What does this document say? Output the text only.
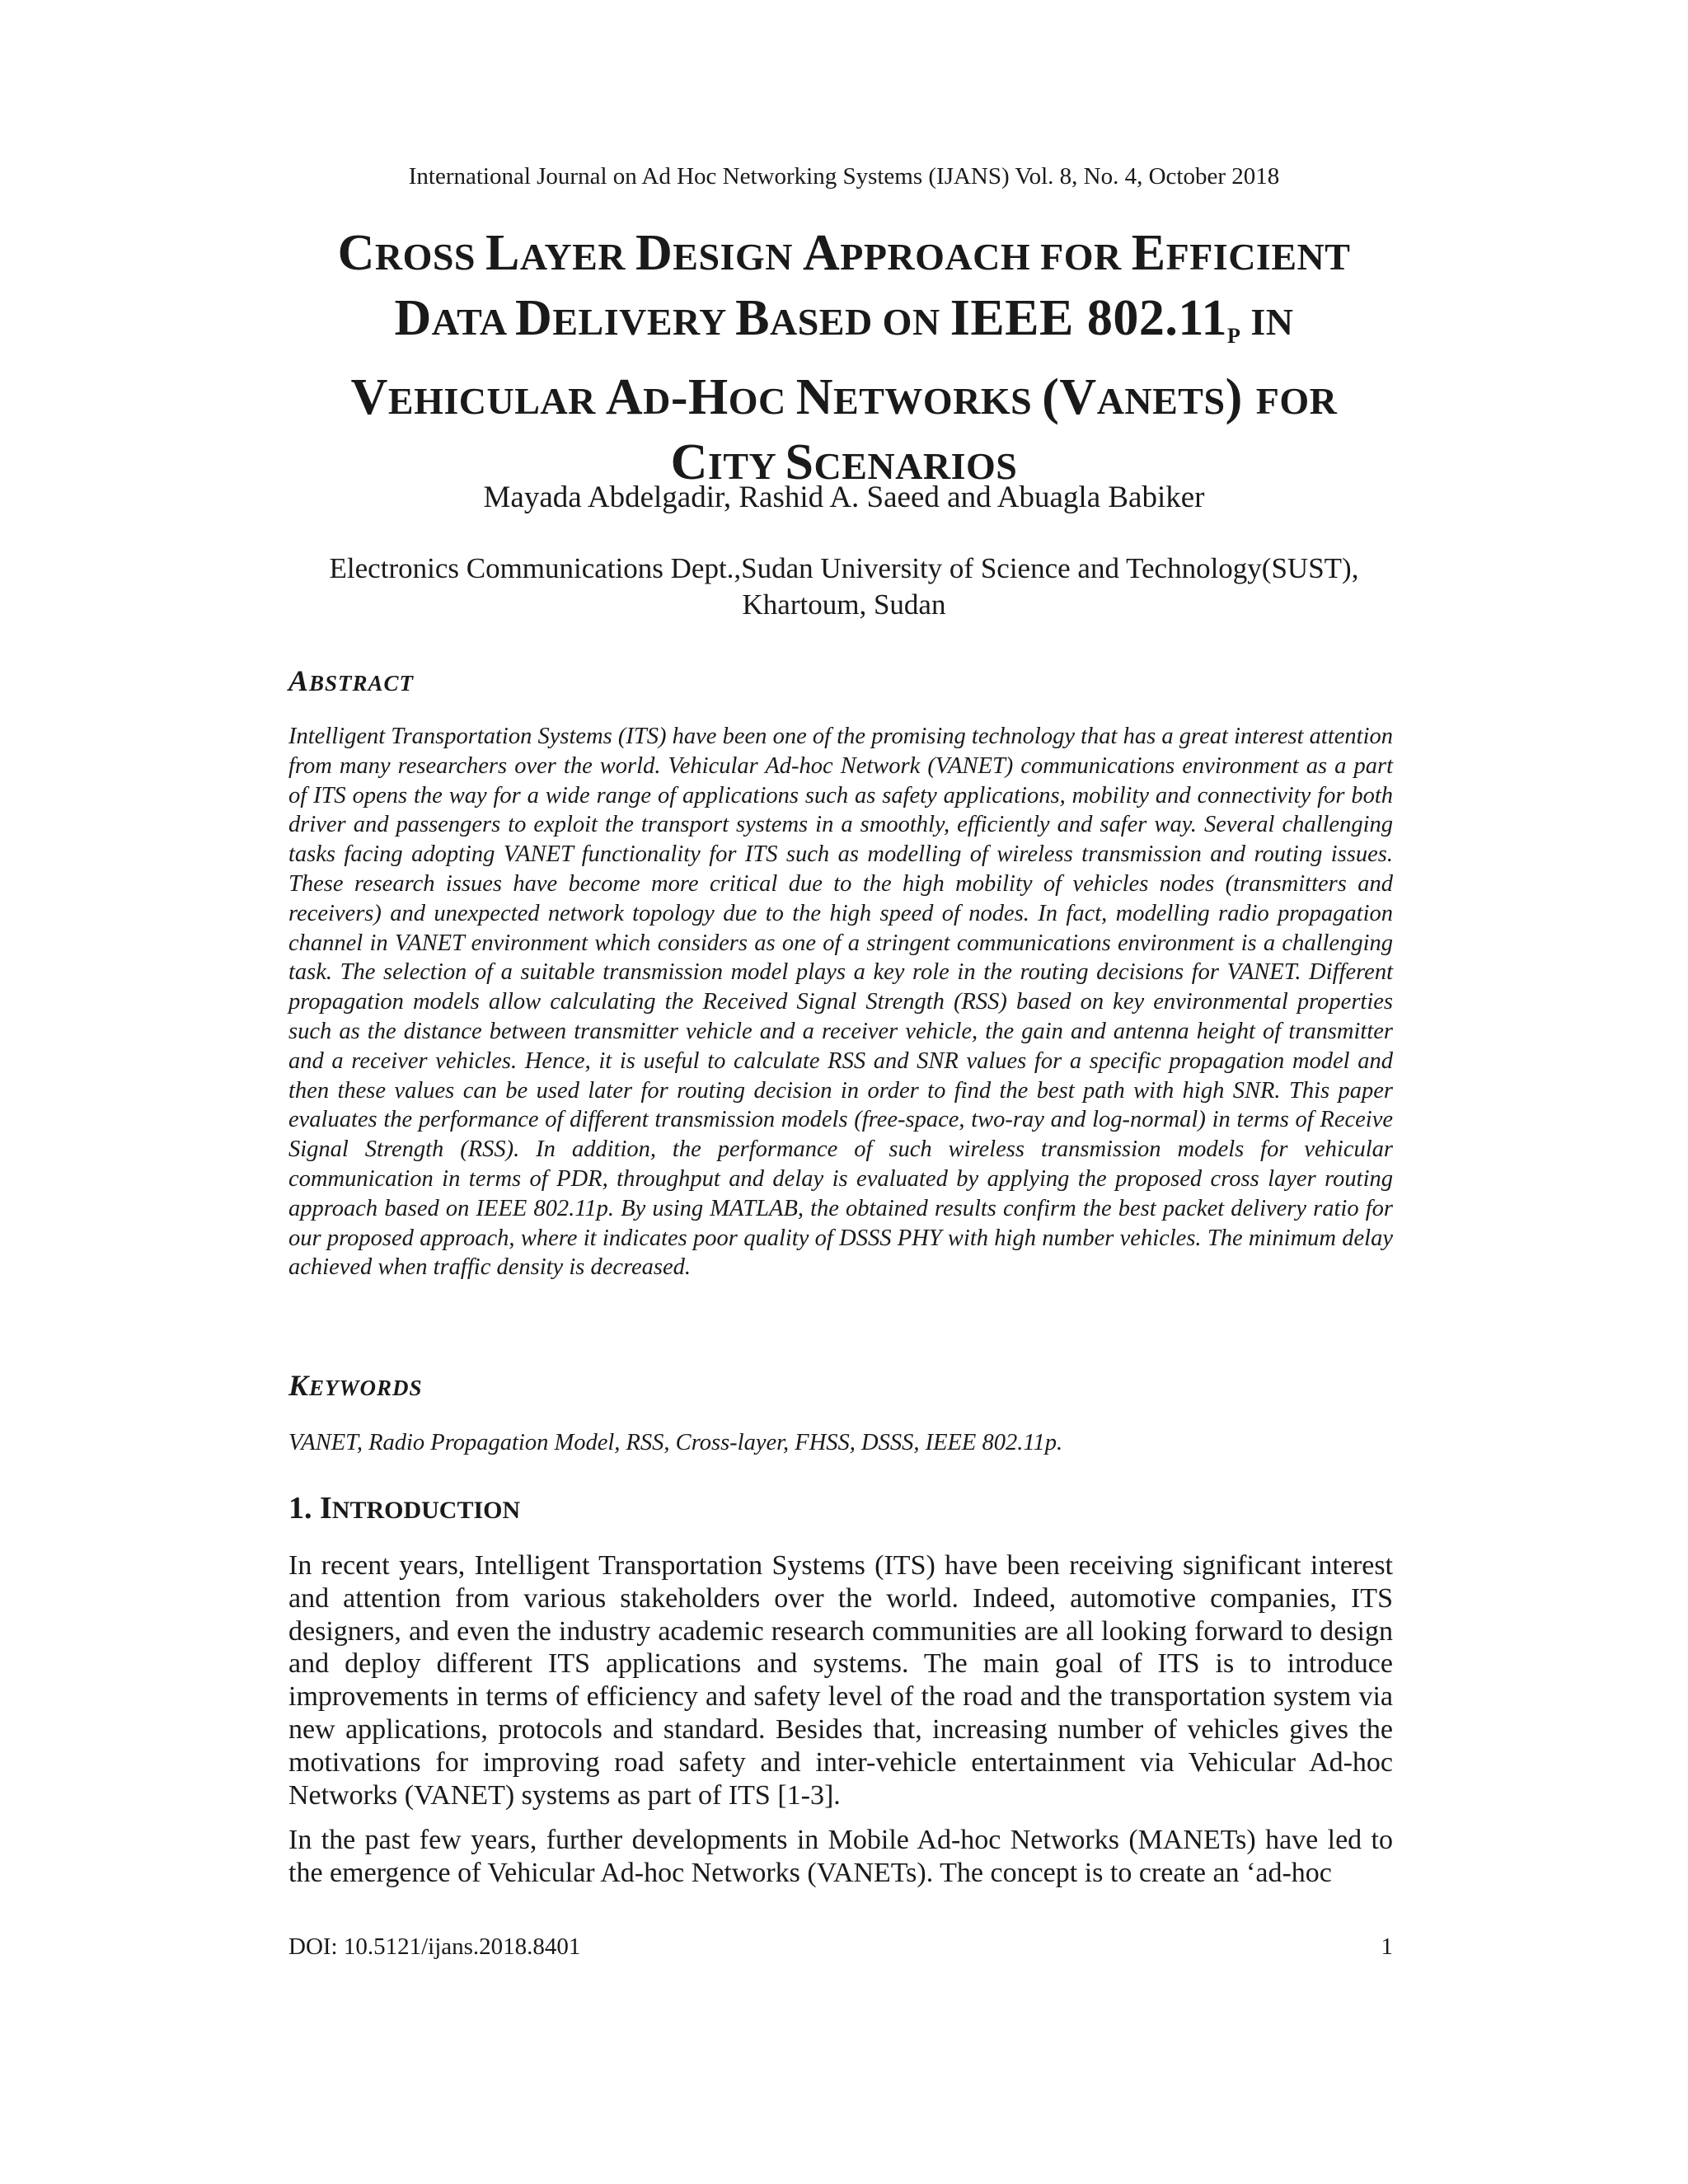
International Journal on Ad Hoc Networking Systems (IJANS) Vol. 8, No. 4, October 2018
CROSS LAYER DESIGN APPROACH FOR EFFICIENT
DATA DELIVERY BASED ON IEEE $802.11_P$ IN
VEHICULAR AD-HOC NETWORKS (VANETS) FOR
CITY SCENARIOS
Mayada Abdelgadir, Rashid A. Saeed and Abuagla Babiker
Electronics Communications Dept.,Sudan University of Science and Technology(SUST),
Khartoum, Sudan
ABSTRACT
Intelligent Transportation Systems (ITS) have been one of the promising technology that has a great interest attention from many researchers over the world. Vehicular Ad-hoc Network (VANET) communications environment as a part of ITS opens the way for a wide range of applications such as safety applications, mobility and connectivity for both driver and passengers to exploit the transport systems in a smoothly, efficiently and safer way. Several challenging tasks facing adopting VANET functionality for ITS such as modelling of wireless transmission and routing issues. These research issues have become more critical due to the high mobility of vehicles nodes (transmitters and receivers) and unexpected network topology due to the high speed of nodes. In fact, modelling radio propagation channel in VANET environment which considers as one of a stringent communications environment is a challenging task. The selection of a suitable transmission model plays a key role in the routing decisions for VANET. Different propagation models allow calculating the Received Signal Strength (RSS) based on key environmental properties such as the distance between transmitter vehicle and a receiver vehicle, the gain and antenna height of transmitter and a receiver vehicles. Hence, it is useful to calculate RSS and SNR values for a specific propagation model and then these values can be used later for routing decision in order to find the best path with high SNR. This paper evaluates the performance of different transmission models (free-space, two-ray and log-normal) in terms of Receive Signal Strength (RSS). In addition, the performance of such wireless transmission models for vehicular communication in terms of PDR, throughput and delay is evaluated by applying the proposed cross layer routing approach based on IEEE 802.11p. By using MATLAB, the obtained results confirm the best packet delivery ratio for our proposed approach, where it indicates poor quality of DSSS PHY with high number vehicles. The minimum delay achieved when traffic density is decreased.
KEYWORDS
VANET, Radio Propagation Model, RSS, Cross-layer, FHSS, DSSS, IEEE 802.11p.
1. INTRODUCTION
In recent years, Intelligent Transportation Systems (ITS) have been receiving significant interest and attention from various stakeholders over the world. Indeed, automotive companies, ITS designers, and even the industry academic research communities are all looking forward to design and deploy different ITS applications and systems. The main goal of ITS is to introduce improvements in terms of efficiency and safety level of the road and the transportation system via new applications, protocols and standard. Besides that, increasing number of vehicles gives the motivations for improving road safety and inter-vehicle entertainment via Vehicular Ad-hoc Networks (VANET) systems as part of ITS [1-3].
In the past few years, further developments in Mobile Ad-hoc Networks (MANETs) have led to the emergence of Vehicular Ad-hoc Networks (VANETs). The concept is to create an ‘ad-hoc
DOI: 10.5121/ijans.2018.8401	1
